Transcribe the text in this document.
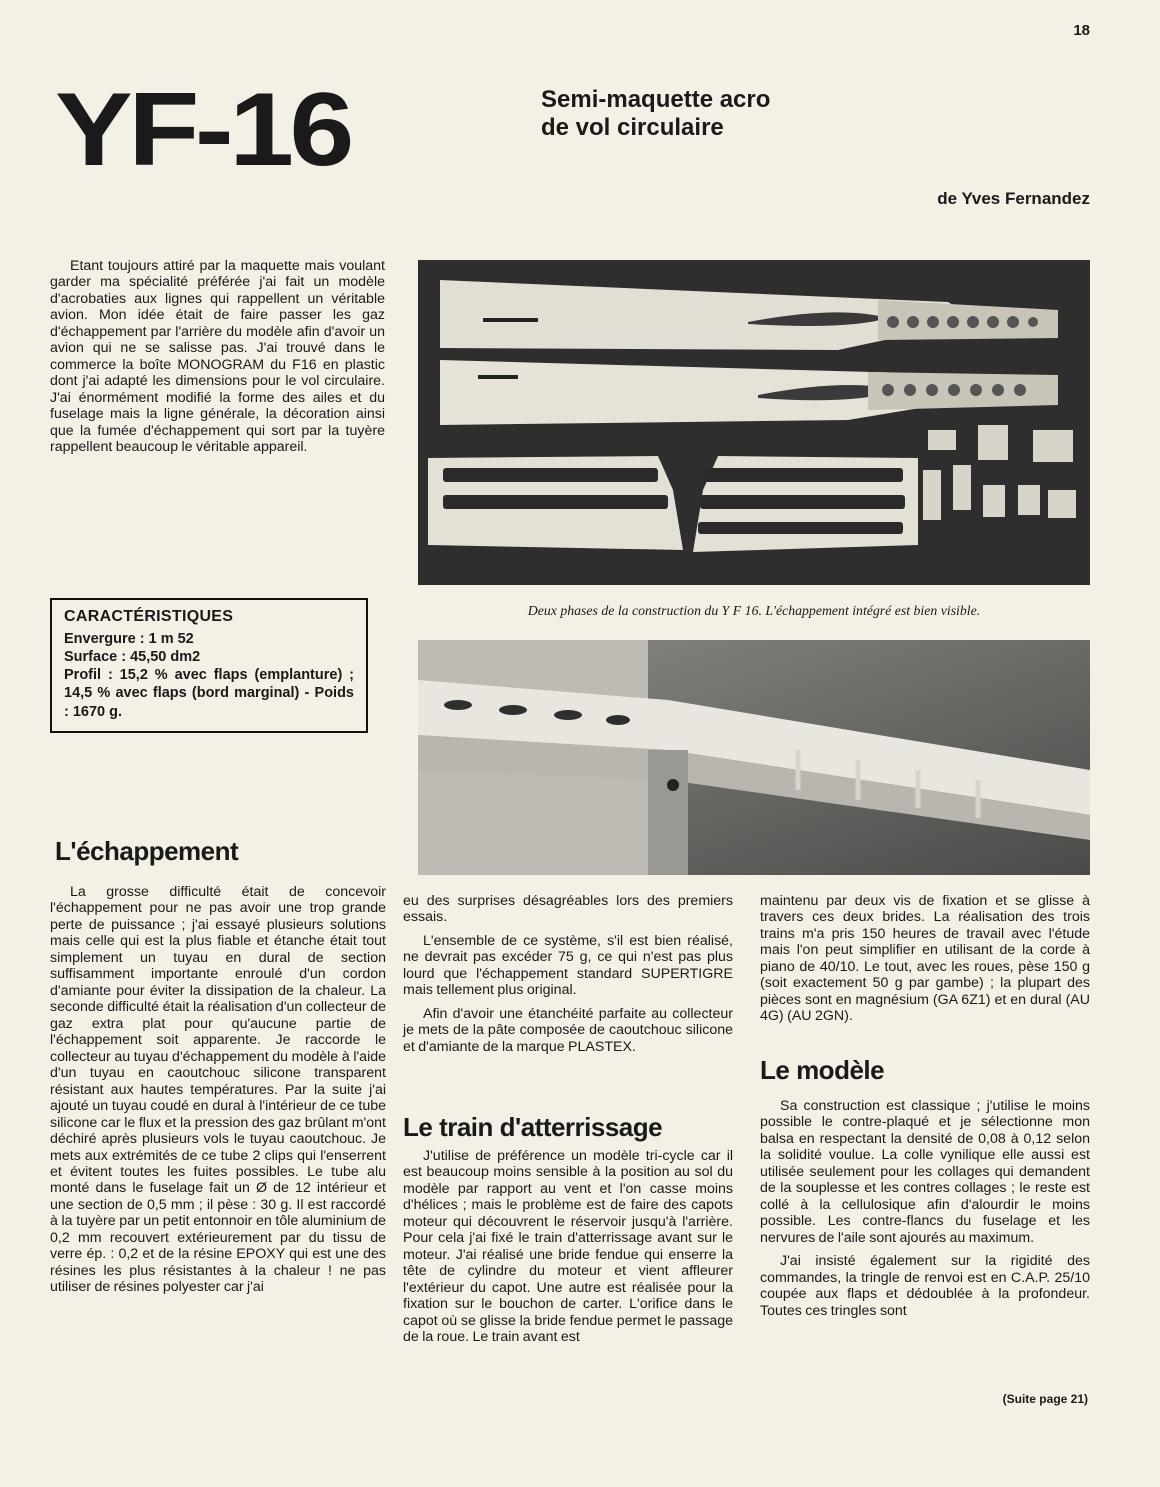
18
YF-16	Semi-maquette acro
de vol circulaire
de Yves Fernandez

Etant toujours attiré par la maquette mais voulant garder ma spécialité préférée j'ai fait un modèle d'acrobaties aux lignes qui rappellent un véritable avion. Mon idée était de faire passer les gaz d'échappement par l'arrière du modèle afin d'avoir un avion qui ne se salisse pas. J'ai trouvé dans le commerce la boîte MONOGRAM du F16 en plastic dont j'ai adapté les dimensions pour le vol circulaire. J'ai énormément modifié la forme des ailes et du fuselage mais la ligne générale, la décoration ainsi que la fumée d'échappement qui sort par la tuyère rappellent beaucoup le véritable appareil.

Deux phases de la construction du Y F 16. L'échappement intégré est bien visible.
CARACTÉRISTIQUES
Envergure : 1 m 52
Surface : 45,50 dm2
Profil : 15,2 % avec flaps (emplanture) ; 14,5 % avec flaps (bord marginal) - Poids : 1670 g.
L'échappement

La grosse difficulté était de concevoir l'échappement pour ne pas avoir une trop grande perte de puissance ; j'ai essayé plusieurs solutions mais celle qui est la plus fiable et étanche était tout simplement un tuyau en dural de section suffisamment importante enroulé d'un cordon d'amiante pour éviter la dissipation de la chaleur. La seconde difficulté était la réalisation d'un collecteur de gaz extra plat pour qu'aucune partie de l'échappement soit apparente. Je raccorde le collecteur au tuyau d'échappement du modèle à l'aide d'un tuyau en caoutchouc silicone transparent résistant aux hautes températures. Par la suite j'ai ajouté un tuyau coudé en dural à l'intérieur de ce tube silicone car le flux et la pression des gaz brûlant m'ont déchiré après plusieurs vols le tuyau caoutchouc. Je mets aux extrémités de ce tube 2 clips qui l'enserrent et évitent toutes les fuites possibles. Le tube alu monté dans le fuselage fait un Ø de 12 intérieur et une section de 0,5 mm ; il pèse : 30 g. Il est raccordé à la tuyère par un petit entonnoir en tôle aluminium de 0,2 mm recouvert extérieurement par du tissu de verre ép. : 0,2 et de la résine EPOXY qui est une des résines les plus résistantes à la chaleur ! ne pas utiliser de résines polyester car j'ai

eu des surprises désagréables lors des premiers essais.

L'ensemble de ce système, s'il est bien réalisé, ne devrait pas excéder 75 g, ce qui n'est pas plus lourd que l'échappement standard SUPERTIGRE mais tellement plus original.

Afin d'avoir une étanchéité parfaite au collecteur je mets de la pâte composée de caoutchouc silicone et d'amiante de la marque PLASTEX.

Le train d'atterrissage

J'utilise de préférence un modèle tri-cycle car il est beaucoup moins sensible à la position au sol du modèle par rapport au vent et l'on casse moins d'hélices ; mais le problème est de faire des capots moteur qui découvrent le réservoir jusqu'à l'arrière. Pour cela j'ai fixé le train d'atterrissage avant sur le moteur. J'ai réalisé une bride fendue qui enserre la tête de cylindre du moteur et vient affleurer l'extérieur du capot. Une autre est réalisée pour la fixation sur le bouchon de carter. L'orifice dans le capot où se glisse la bride fendue permet le passage de la roue. Le train avant est

maintenu par deux vis de fixation et se glisse à travers ces deux brides. La réalisation des trois trains m'a pris 150 heures de travail avec l'étude mais l'on peut simplifier en utilisant de la corde à piano de 40/10. Le tout, avec les roues, pèse 150 g (soit exactement 50 g par gambe) ; la plupart des pièces sont en magnésium (GA 6Z1) et en dural (AU 4G) (AU 2GN).

Le modèle

Sa construction est classique ; j'utilise le moins possible le contre-plaqué et je sélectionne mon balsa en respectant la densité de 0,08 à 0,12 selon la solidité voulue. La colle vynilique elle aussi est utilisée seulement pour les collages qui demandent de la souplesse et les contres collages ; le reste est collé à la cellulosique afin d'alourdir le moins possible. Les contre-flancs du fuselage et les nervures de l'aile sont ajourés au maximum.

J'ai insisté également sur la rigidité des commandes, la tringle de renvoi est en C.A.P. 25/10 coupée aux flaps et dédoublée à la profondeur. Toutes ces tringles sont

(Suite page 21)
